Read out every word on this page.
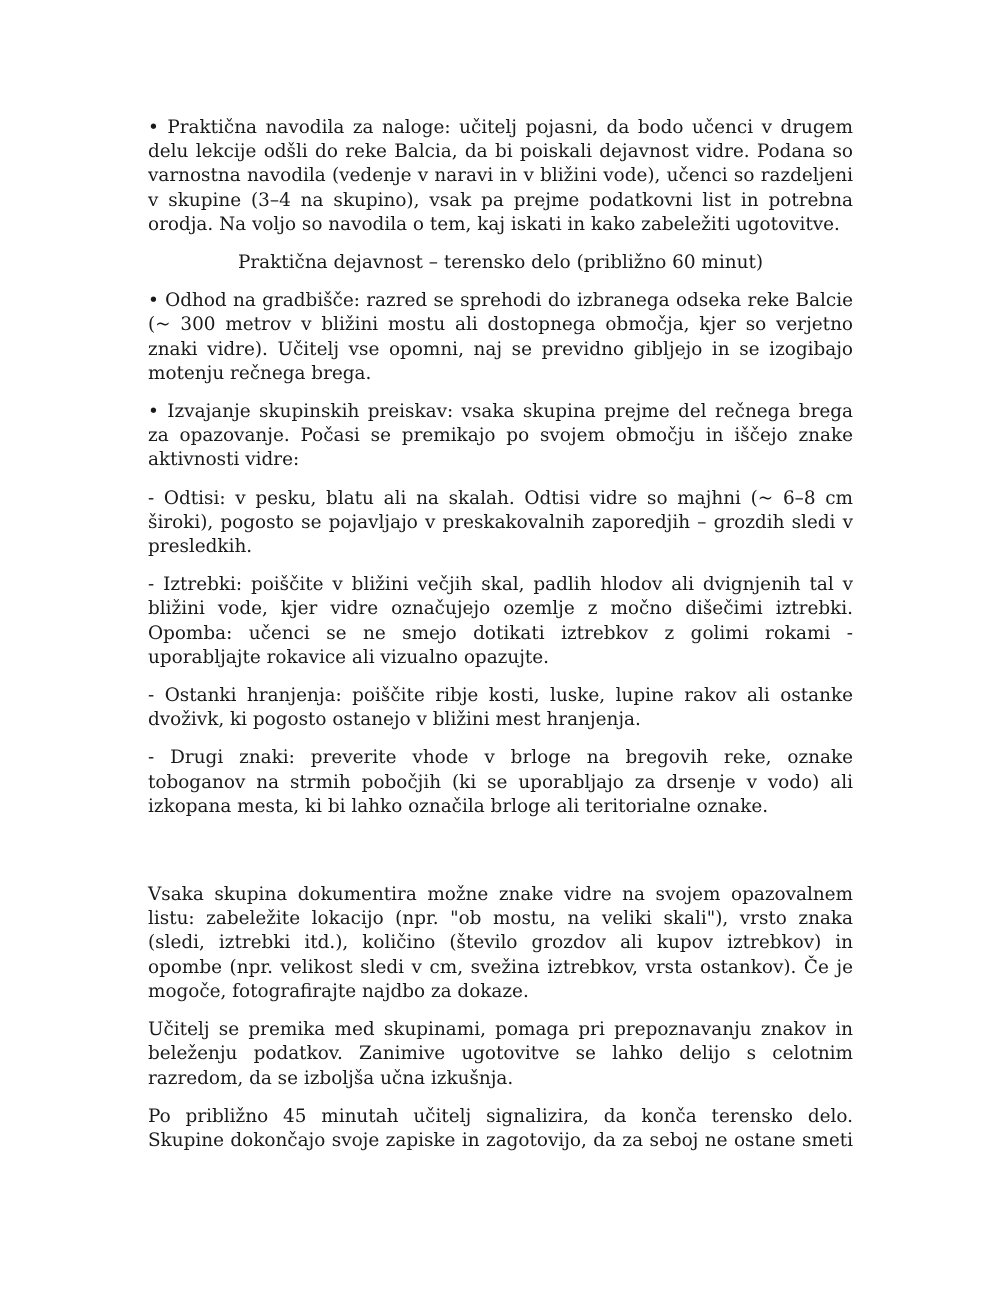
• Praktična navodila za naloge: učitelj pojasni, da bodo učenci v drugem delu lekcije odšli do reke Balcia, da bi poiskali dejavnost vidre. Podana so varnostna navodila (vedenje v naravi in v bližini vode), učenci so razdeljeni v skupine (3–4 na skupino), vsak pa prejme podatkovni list in potrebna orodja. Na voljo so navodila o tem, kaj iskati in kako zabeležiti ugotovitve.

Praktična dejavnost – terensko delo (približno 60 minut)

• Odhod na gradbišče: razred se sprehodi do izbranega odseka reke Balcie (~ 300 metrov v bližini mostu ali dostopnega območja, kjer so verjetno znaki vidre). Učitelj vse opomni, naj se previdno gibljejo in se izogibajo motenju rečnega brega.

• Izvajanje skupinskih preiskav: vsaka skupina prejme del rečnega brega za opazovanje. Počasi se premikajo po svojem območju in iščejo znake aktivnosti vidre:

- Odtisi: v pesku, blatu ali na skalah. Odtisi vidre so majhni (~ 6–8 cm široki), pogosto se pojavljajo v preskakovalnih zaporedjih – grozdih sledi v presledkih.

- Iztrebki: poiščite v bližini večjih skal, padlih hlodov ali dvignjenih tal v bližini vode, kjer vidre označujejo ozemlje z močno dišečimi iztrebki. Opomba: učenci se ne smejo dotikati iztrebkov z golimi rokami - uporabljajte rokavice ali vizualno opazujte.

- Ostanki hranjenja: poiščite ribje kosti, luske, lupine rakov ali ostanke dvoživk, ki pogosto ostanejo v bližini mest hranjenja.

- Drugi znaki: preverite vhode v brloge na bregovih reke, oznake toboganov na strmih pobočjih (ki se uporabljajo za drsenje v vodo) ali izkopana mesta, ki bi lahko označila brloge ali teritorialne oznake.

Vsaka skupina dokumentira možne znake vidre na svojem opazovalnem listu: zabeležite lokacijo (npr. "ob mostu, na veliki skali"), vrsto znaka (sledi, iztrebki itd.), količino (število grozdov ali kupov iztrebkov) in opombe (npr. velikost sledi v cm, svežina iztrebkov, vrsta ostankov). Če je mogoče, fotografirajte najdbo za dokaze.

Učitelj se premika med skupinami, pomaga pri prepoznavanju znakov in beleženju podatkov. Zanimive ugotovitve se lahko delijo s celotnim razredom, da se izboljša učna izkušnja.

Po približno 45 minutah učitelj signalizira, da konča terensko delo. Skupine dokončajo svoje zapiske in zagotovijo, da za seboj ne ostane smeti
